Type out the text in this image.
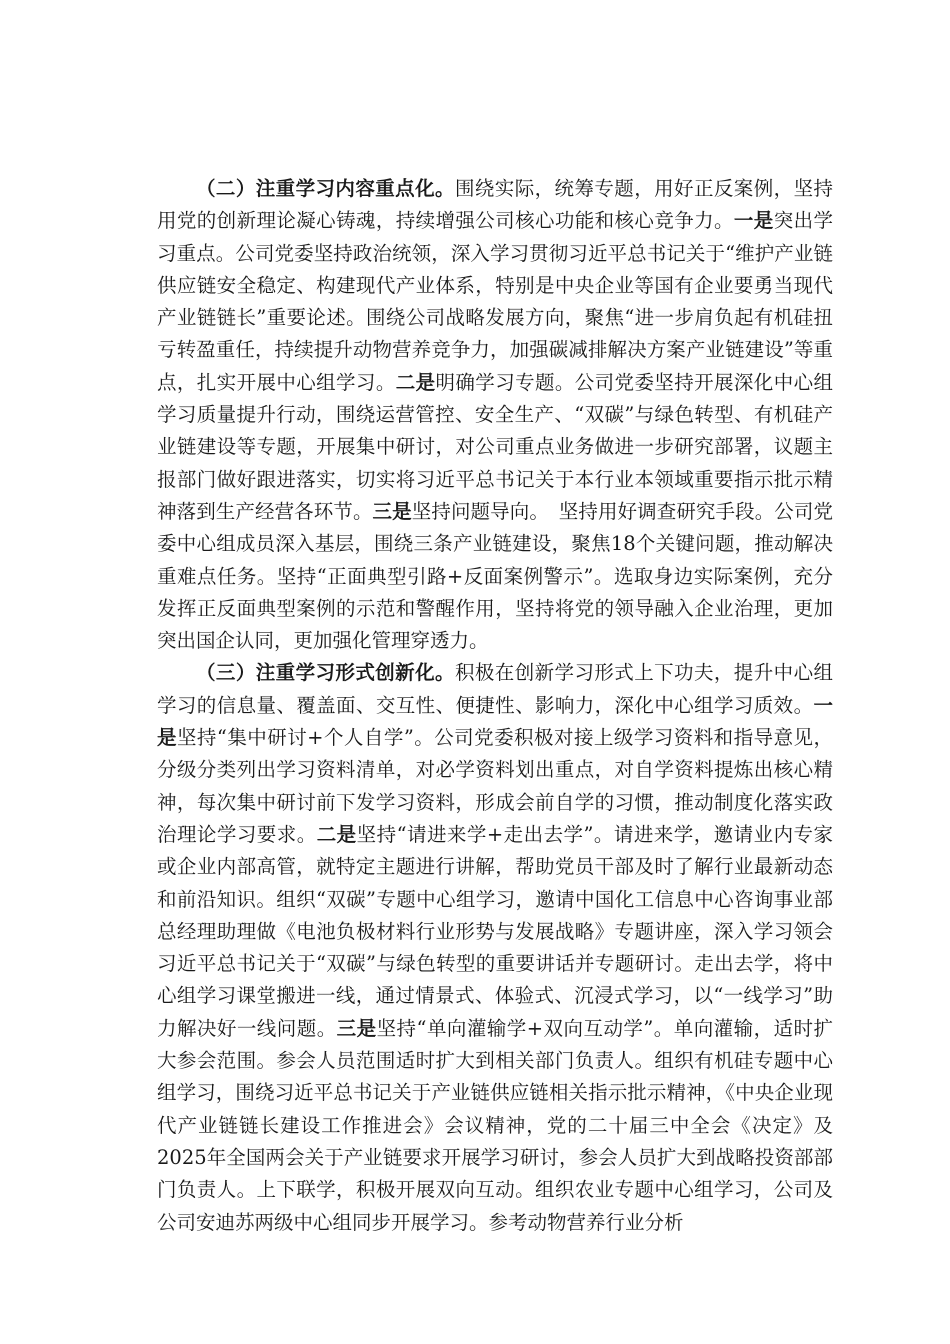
（二）注重学习内容重点化。围绕实际，统筹专题，用好正反案例，坚持用党的创新理论凝心铸魂，持续增强公司核心功能和核心竞争力。一是突出学习重点。公司党委坚持政治统领，深入学习贯彻习近平总书记关于“维护产业链供应链安全稳定、构建现代产业体系，特别是中央企业等国有企业要勇当现代产业链链长”重要论述。围绕公司战略发展方向，聚焦“进一步肩负起有机硅扭亏转盈重任，持续提升动物营养竞争力，加强碳减排解决方案产业链建设”等重点，扎实开展中心组学习。二是明确学习专题。公司党委坚持开展深化中心组学习质量提升行动，围绕运营管控、安全生产、“双碳”与绿色转型、有机硅产业链建设等专题，开展集中研讨，对公司重点业务做进一步研究部署，议题主报部门做好跟进落实，切实将习近平总书记关于本行业本领域重要指示批示精神落到生产经营各环节。三是坚持问题导向。　坚持用好调查研究手段。公司党委中心组成员深入基层，围绕三条产业链建设，聚焦18个关键问题，推动解决重难点任务。坚持“正面典型引路+反面案例警示”。选取身边实际案例，充分发挥正反面典型案例的示范和警醒作用，坚持将党的领导融入企业治理，更加突出国企认同，更加强化管理穿透力。

（三）注重学习形式创新化。积极在创新学习形式上下功夫，提升中心组学习的信息量、覆盖面、交互性、便捷性、影响力，深化中心组学习质效。一是坚持“集中研讨+个人自学”。公司党委积极对接上级学习资料和指导意见，分级分类列出学习资料清单，对必学资料划出重点，对自学资料提炼出核心精神，每次集中研讨前下发学习资料，形成会前自学的习惯，推动制度化落实政治理论学习要求。二是坚持“请进来学+走出去学”。请进来学，邀请业内专家或企业内部高管，就特定主题进行讲解，帮助党员干部及时了解行业最新动态和前沿知识。组织“双碳”专题中心组学习，邀请中国化工信息中心咨询事业部总经理助理做《电池负极材料行业形势与发展战略》专题讲座，深入学习领会习近平总书记关于“双碳”与绿色转型的重要讲话并专题研讨。走出去学，将中心组学习课堂搬进一线，通过情景式、体验式、沉浸式学习，以“一线学习”助力解决好一线问题。三是坚持“单向灌输学+双向互动学”。单向灌输，适时扩大参会范围。参会人员范围适时扩大到相关部门负责人。组织有机硅专题中心组学习，围绕习近平总书记关于产业链供应链相关指示批示精神，《中央企业现代产业链链长建设工作推进会》会议精神，党的二十届三中全会《决定》及2025年全国两会关于产业链要求开展学习研讨，参会人员扩大到战略投资部部门负责人。上下联学，积极开展双向互动。组织农业专题中心组学习，公司及公司安迪苏两级中心组同步开展学习。参考动物营养行业分析
